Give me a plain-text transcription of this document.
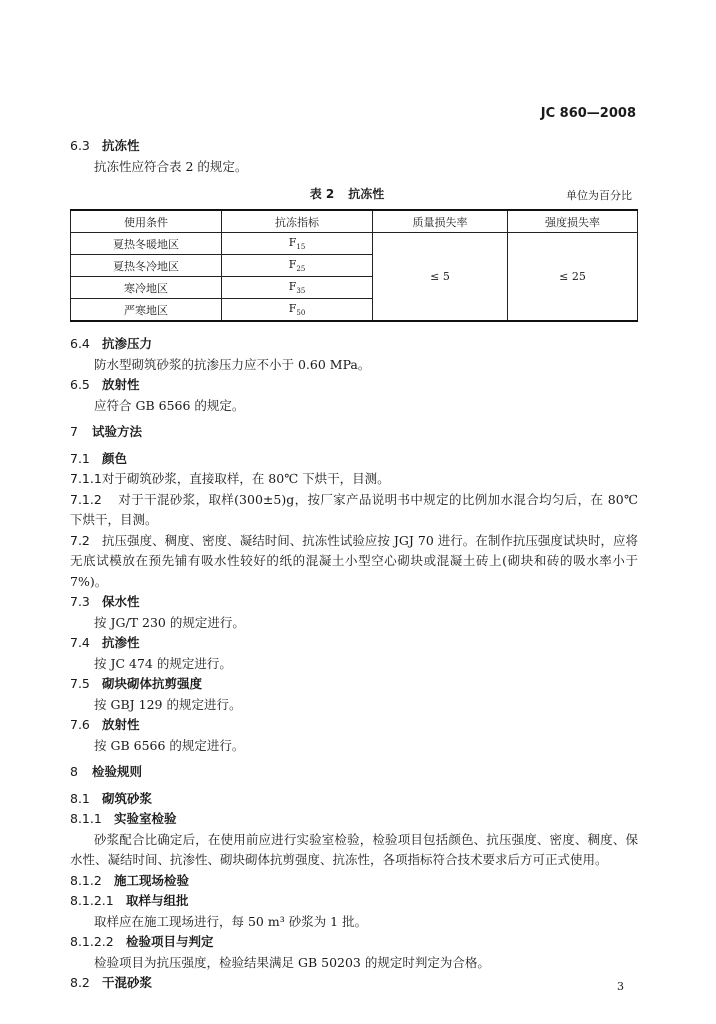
JC 860—2008
6.3 抗冻性
抗冻性应符合表 2 的规定。
表 2 抗冻性	单位为百分比
使用条件	抗冻指标	质量损失率	强度损失率
夏热冬暖地区	$F_{15}$	≤ 5	≤ 25
夏热冬冷地区	$F_{25}$
寒冷地区	$F_{35}$
严寒地区	$F_{50}$
6.4 抗渗压力
防水型砌筑砂浆的抗渗压力应不小于 0.60 MPa。
6.5 放射性
应符合 GB 6566 的规定。
7 试验方法
7.1 颜色
7.1.1对于砌筑砂浆，直接取样，在 80℃ 下烘干，目测。
7.1.2 对于干混砂浆，取样(300±5)g，按厂家产品说明书中规定的比例加水混合均匀后，在 80℃ 下烘干，目测。
7.2 抗压强度、稠度、密度、凝结时间、抗冻性试验应按 JGJ 70 进行。在制作抗压强度试块时，应将无底试模放在预先铺有吸水性较好的纸的混凝土小型空心砌块或混凝土砖上(砌块和砖的吸水率小于 7%)。
7.3 保水性
按 JG/T 230 的规定进行。
7.4 抗渗性
按 JC 474 的规定进行。
7.5 砌块砌体抗剪强度
按 GBJ 129 的规定进行。
7.6 放射性
按 GB 6566 的规定进行。
8 检验规则
8.1 砌筑砂浆
8.1.1 实验室检验
砂浆配合比确定后，在使用前应进行实验室检验，检验项目包括颜色、抗压强度、密度、稠度、保水性、凝结时间、抗渗性、砌块砌体抗剪强度、抗冻性，各项指标符合技术要求后方可正式使用。
8.1.2 施工现场检验
8.1.2.1 取样与组批
取样应在施工现场进行，每 50 m³ 砂浆为 1 批。
8.1.2.2 检验项目与判定
检验项目为抗压强度，检验结果满足 GB 50203 的规定时判定为合格。
8.2 干混砂浆	3
